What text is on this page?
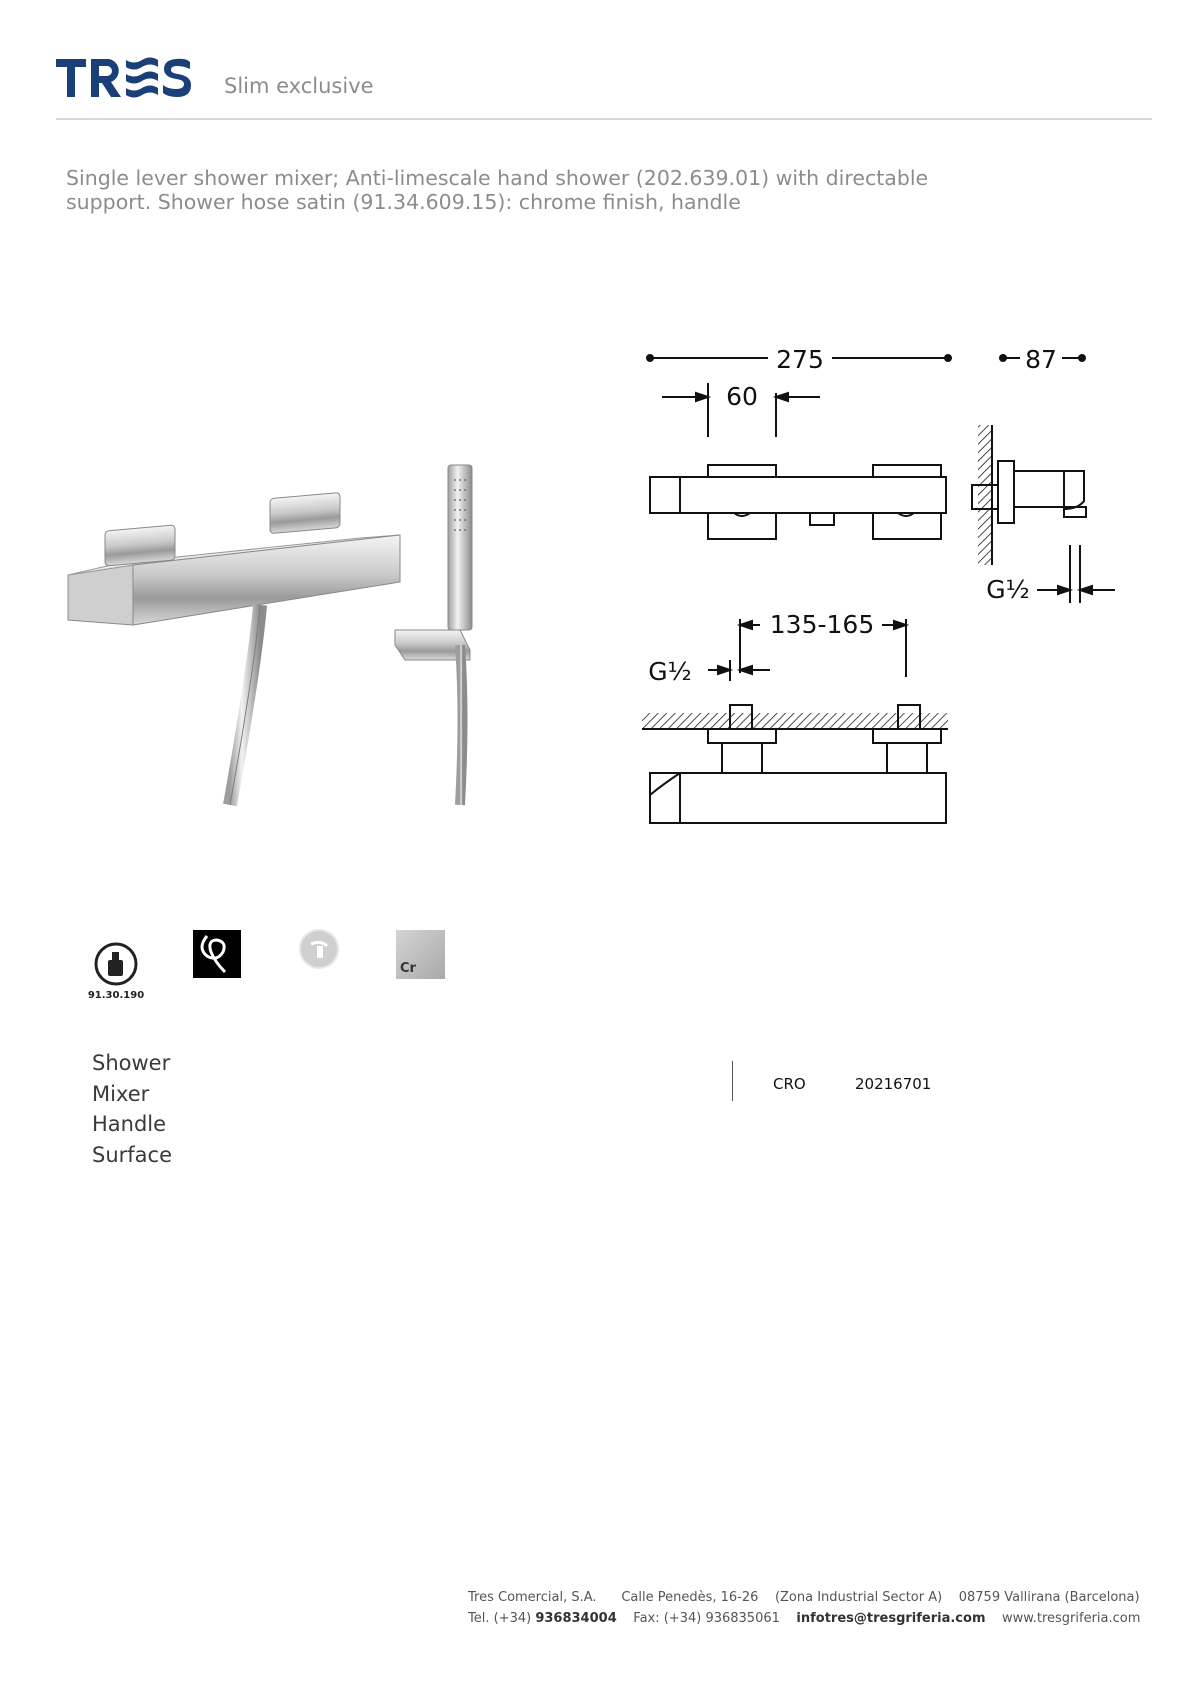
Slim exclusive
Single lever shower mixer; Anti-limescale hand shower (202.639.01) with directable support. Shower hose satin (91.34.609.15): chrome finish, handle
275	87
60
135-165
G½
G½
91.30.190
Cr
Shower
Mixer
Handle
Surface
CRO	20216701
Tres Comercial, S.A. Calle Penedès, 16-26 (Zona Industrial Sector A) 08759 Vallirana (Barcelona)
Tel. (+34) 936834004 Fax: (+34) 936835061 infotres@tresgriferia.com www.tresgriferia.com
